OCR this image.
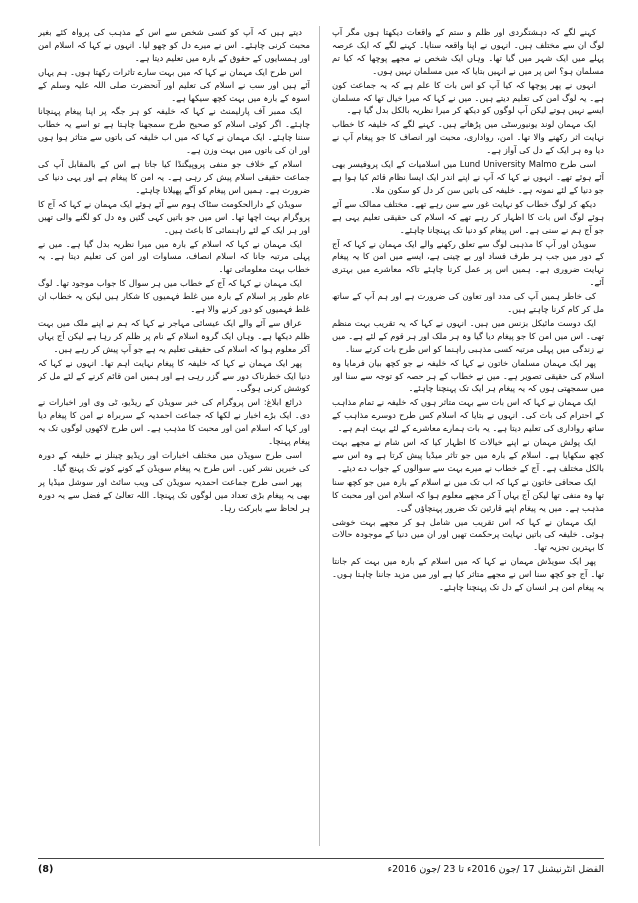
کہنے لگے کہ دہشتگردی اور ظلم و ستم کے واقعات دیکھتا ہوں مگر آپ لوگ ان سے مختلف ہیں۔ انہوں نے اپنا واقعہ سنایا۔ کہنے لگے کہ ایک عرصہ پہلے میں ایک شہر میں گیا تھا۔ وہاں ایک شخص نے مجھے پوچھا کہ کیا تم مسلمان ہو؟ اس پر میں نے انہیں بتایا کہ میں مسلمان نہیں ہوں۔

انہوں نے پھر پوچھا کہ کیا آپ کو اس بات کا علم ہے کہ یہ جماعت کون ہے۔ یہ لوگ امن کی تعلیم دیتے ہیں۔ میں نے کہا کہ میرا خیال تھا کہ مسلمان ایسے نہیں ہوتے لیکن آپ لوگوں کو دیکھ کر میرا نظریہ بالکل بدل گیا ہے۔

ایک مہمان لوند یونیورسٹی میں پڑھاتے ہیں۔ کہنے لگے کہ خلیفہ کا خطاب نہایت اثر رکھنے والا تھا۔ امن، رواداری، محبت اور انصاف کا جو پیغام آپ نے دیا وہ ہر ایک کے دل کی آواز ہے۔

اسی طرح Lund University Malmo میں اسلامیات کے ایک پروفیسر بھی آئے ہوئے تھے۔ انہوں نے کہا کہ آپ نے اپنے اندر ایک ایسا نظام قائم کیا ہوا ہے جو دنیا کے لئے نمونہ ہے۔ خلیفہ کی باتیں سن کر دل کو سکون ملا۔

دیکھ کر لوگ خطاب کو نہایت غور سے سن رہے تھے۔ مختلف ممالک سے آئے ہوئے لوگ اس بات کا اظہار کر رہے تھے کہ اسلام کی حقیقی تعلیم یہی ہے جو آج ہم نے سنی ہے۔ اس پیغام کو دنیا تک پہنچانا چاہئے۔

سویڈن اور آپ کا مذہبی لوگ سے تعلق رکھنے والے ایک مہمان نے کہا کہ آج کے دور میں جب ہر طرف فساد اور بے چینی ہے، ایسے میں امن کا یہ پیغام نہایت ضروری ہے۔ ہمیں اس پر عمل کرنا چاہئے تاکہ معاشرے میں بہتری آئے۔

کی خاطر ہمیں آپ کی مدد اور تعاون کی ضرورت ہے اور ہم آپ کے ساتھ مل کر کام کرنا چاہتے ہیں۔

ایک دوست مائیکل بزنس میں ہیں۔ انہوں نے کہا کہ یہ تقریب بہت منظم تھی۔ اس میں امن کا جو پیغام دیا گیا وہ ہر ملک اور ہر قوم کے لئے ہے۔ میں نے زندگی میں پہلی مرتبہ کسی مذہبی راہنما کو اس طرح بات کرتے سنا۔

پھر ایک مہمان مسلمان خاتون نے کہا کہ خلیفہ نے جو کچھ بیان فرمایا وہ اسلام کی حقیقی تصویر ہے۔ میں نے خطاب کے ہر حصہ کو توجہ سے سنا اور میں سمجھتی ہوں کہ یہ پیغام ہر ایک تک پہنچنا چاہئے۔

ایک مہمان نے کہا کہ اس بات سے بہت متاثر ہوں کہ خلیفہ نے تمام مذاہب کے احترام کی بات کی۔ انہوں نے بتایا کہ اسلام کس طرح دوسرے مذاہب کے ساتھ رواداری کی تعلیم دیتا ہے۔ یہ بات ہمارے معاشرے کے لئے بہت اہم ہے۔

ایک پولش مہمان نے اپنے خیالات کا اظہار کیا کہ اس شام نے مجھے بہت کچھ سکھایا ہے۔ اسلام کے بارہ میں جو تاثر میڈیا پیش کرتا ہے وہ اس سے بالکل مختلف ہے۔ آج کے خطاب نے میرے بہت سے سوالوں کے جواب دے دیئے۔

ایک صحافی خاتون نے کہا کہ اب تک میں نے اسلام کے بارہ میں جو کچھ سنا تھا وہ منفی تھا لیکن آج یہاں آ کر مجھے معلوم ہوا کہ اسلام امن اور محبت کا مذہب ہے۔ میں یہ پیغام اپنے قارئین تک ضرور پہنچاؤں گی۔

ایک مہمان نے کہا کہ اس تقریب میں شامل ہو کر مجھے بہت خوشی ہوئی۔ خلیفہ کی باتیں نہایت پرحکمت تھیں اور ان میں دنیا کے موجودہ حالات کا بہترین تجزیہ تھا۔

پھر ایک سویڈش مہمان نے کہا کہ میں اسلام کے بارہ میں بہت کم جانتا تھا۔ آج جو کچھ سنا اس نے مجھے متاثر کیا ہے اور میں مزید جاننا چاہتا ہوں۔ یہ پیغام امن ہر انسان کے دل تک پہنچنا چاہئے۔

دیتے ہیں کہ آپ کو کسی شخص سے اس کے مذہب کی پرواہ کئے بغیر محبت کرنی چاہئے۔ اس نے میرے دل کو چھو لیا۔ انہوں نے کہا کہ اسلام امن اور ہمسایوں کے حقوق کے بارہ میں تعلیم دیتا ہے۔

اس طرح ایک مہمان نے کہا کہ میں بہت سارے تاثرات رکھتا ہوں۔ ہم یہاں آئے ہیں اور سب نے اسلام کی تعلیم اور آنحضرت صلی اللہ علیہ وسلم کے اسوہ کے بارہ میں بہت کچھ سیکھا ہے۔

ایک ممبر آف پارلیمنٹ نے کہا کہ خلیفہ کو ہر جگہ پر اپنا پیغام پہنچانا چاہئے۔ اگر کوئی اسلام کو صحیح طرح سمجھنا چاہتا ہے تو اسے یہ خطاب سننا چاہئے۔ ایک مہمان نے کہا کہ میں اب خلیفہ کی باتوں سے متاثر ہوا ہوں اور ان کی باتوں میں بہت وزن ہے۔

اسلام کے خلاف جو منفی پروپیگنڈا کیا جاتا ہے اس کے بالمقابل آپ کی جماعت حقیقی اسلام پیش کر رہی ہے۔ یہ امن کا پیغام ہے اور یہی دنیا کی ضرورت ہے۔ ہمیں اس پیغام کو آگے پھیلانا چاہئے۔

سویڈن کے دارالحکومت سٹاک ہوم سے آئے ہوئے ایک مہمان نے کہا کہ آج کا پروگرام بہت اچھا تھا۔ اس میں جو باتیں کہی گئیں وہ دل کو لگنے والی تھیں اور ہر ایک کے لئے راہنمائی کا باعث ہیں۔

ایک مہمان نے کہا کہ اسلام کے بارہ میں میرا نظریہ بدل گیا ہے۔ میں نے پہلی مرتبہ جانا کہ اسلام انصاف، مساوات اور امن کی تعلیم دیتا ہے۔ یہ خطاب بہت معلوماتی تھا۔

ایک مہمان نے کہا کہ آج کے خطاب میں ہر سوال کا جواب موجود تھا۔ لوگ عام طور پر اسلام کے بارہ میں غلط فہمیوں کا شکار ہیں لیکن یہ خطاب ان غلط فہمیوں کو دور کرنے والا ہے۔

عراق سے آئے والے ایک عیسائی مہاجر نے کہا کہ ہم نے اپنے ملک میں بہت ظلم دیکھا ہے۔ وہاں ایک گروہ اسلام کے نام پر ظلم کر رہا ہے لیکن آج یہاں آکر معلوم ہوا کہ اسلام کی حقیقی تعلیم یہ ہے جو آپ پیش کر رہے ہیں۔

پھر ایک مہمان نے کہا کہ خلیفہ کا پیغام نہایت اہم تھا۔ انہوں نے کہا کہ دنیا ایک خطرناک دور سے گزر رہی ہے اور ہمیں امن قائم کرنے کے لئے مل کر کوشش کرنی ہوگی۔

ذرائع ابلاغ: اس پروگرام کی خبر سویڈن کے ریڈیو، ٹی وی اور اخبارات نے دی۔ ایک بڑے اخبار نے لکھا کہ جماعت احمدیہ کے سربراہ نے امن کا پیغام دیا اور کہا کہ اسلام امن اور محبت کا مذہب ہے۔ اس طرح لاکھوں لوگوں تک یہ پیغام پہنچا۔

اسی طرح سویڈن میں مختلف اخبارات اور ریڈیو چینلز نے خلیفہ کے دورہ کی خبریں نشر کیں۔ اس طرح یہ پیغام سویڈن کے کونے کونے تک پہنچ گیا۔

پھر اسی طرح جماعت احمدیہ سویڈن کی ویب سائٹ اور سوشل میڈیا پر بھی یہ پیغام بڑی تعداد میں لوگوں تک پہنچا۔ اللہ تعالیٰ کے فضل سے یہ دورہ ہر لحاظ سے بابرکت رہا۔

(8)	الفضل انٹرنیشنل 17 /جون 2016ء تا 23 /جون 2016ء
